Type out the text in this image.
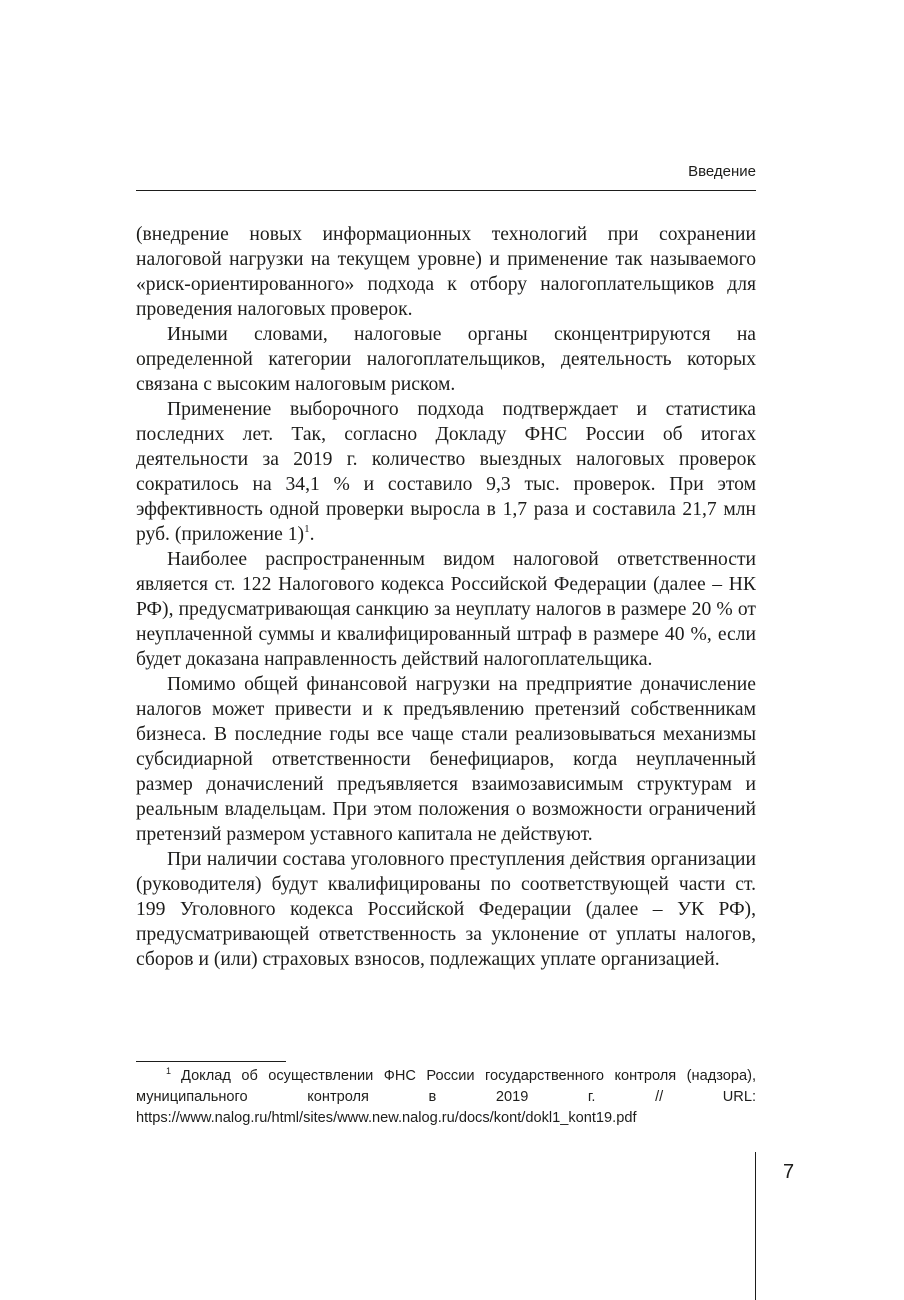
Введение

(внедрение новых информационных технологий при сохранении налоговой нагрузки на текущем уровне) и применение так называемого «риск-ориентированного» подхода к отбору налогоплательщиков для проведения налоговых проверок.

Иными словами, налоговые органы сконцентрируются на определенной категории налогоплательщиков, деятельность которых связана с высоким налоговым риском.

Применение выборочного подхода подтверждает и статистика последних лет. Так, согласно Докладу ФНС России об итогах деятельности за 2019 г. количество выездных налоговых проверок сократилось на 34,1 % и составило 9,3 тыс. проверок. При этом эффективность одной проверки выросла в 1,7 раза и составила 21,7 млн руб. (приложение 1)$^1$.

Наиболее распространенным видом налоговой ответственности является ст. 122 Налогового кодекса Российской Федерации (далее – НК РФ), предусматривающая санкцию за неуплату налогов в размере 20 % от неуплаченной суммы и квалифицированный штраф в размере 40 %, если будет доказана направленность действий налогоплательщика.

Помимо общей финансовой нагрузки на предприятие доначисление налогов может привести и к предъявлению претензий собственникам бизнеса. В последние годы все чаще стали реализовываться механизмы субсидиарной ответственности бенефициаров, когда неуплаченный размер доначислений предъявляется взаимозависимым структурам и реальным владельцам. При этом положения о возможности ограничений претензий размером уставного капитала не действуют.

При наличии состава уголовного преступления действия организации (руководителя) будут квалифицированы по соответствующей части ст. 199 Уголовного кодекса Российской Федерации (далее – УК РФ), предусматривающей ответственность за уклонение от уплаты налогов, сборов и (или) страховых взносов, подлежащих уплате организацией.

$^1$ Доклад об осуществлении ФНС России государственного контроля (надзора), муниципального контроля в 2019 г. // URL: https://www.nalog.ru/html/sites/www.new.nalog.ru/docs/kont/dokl1_kont19.pdf

7
